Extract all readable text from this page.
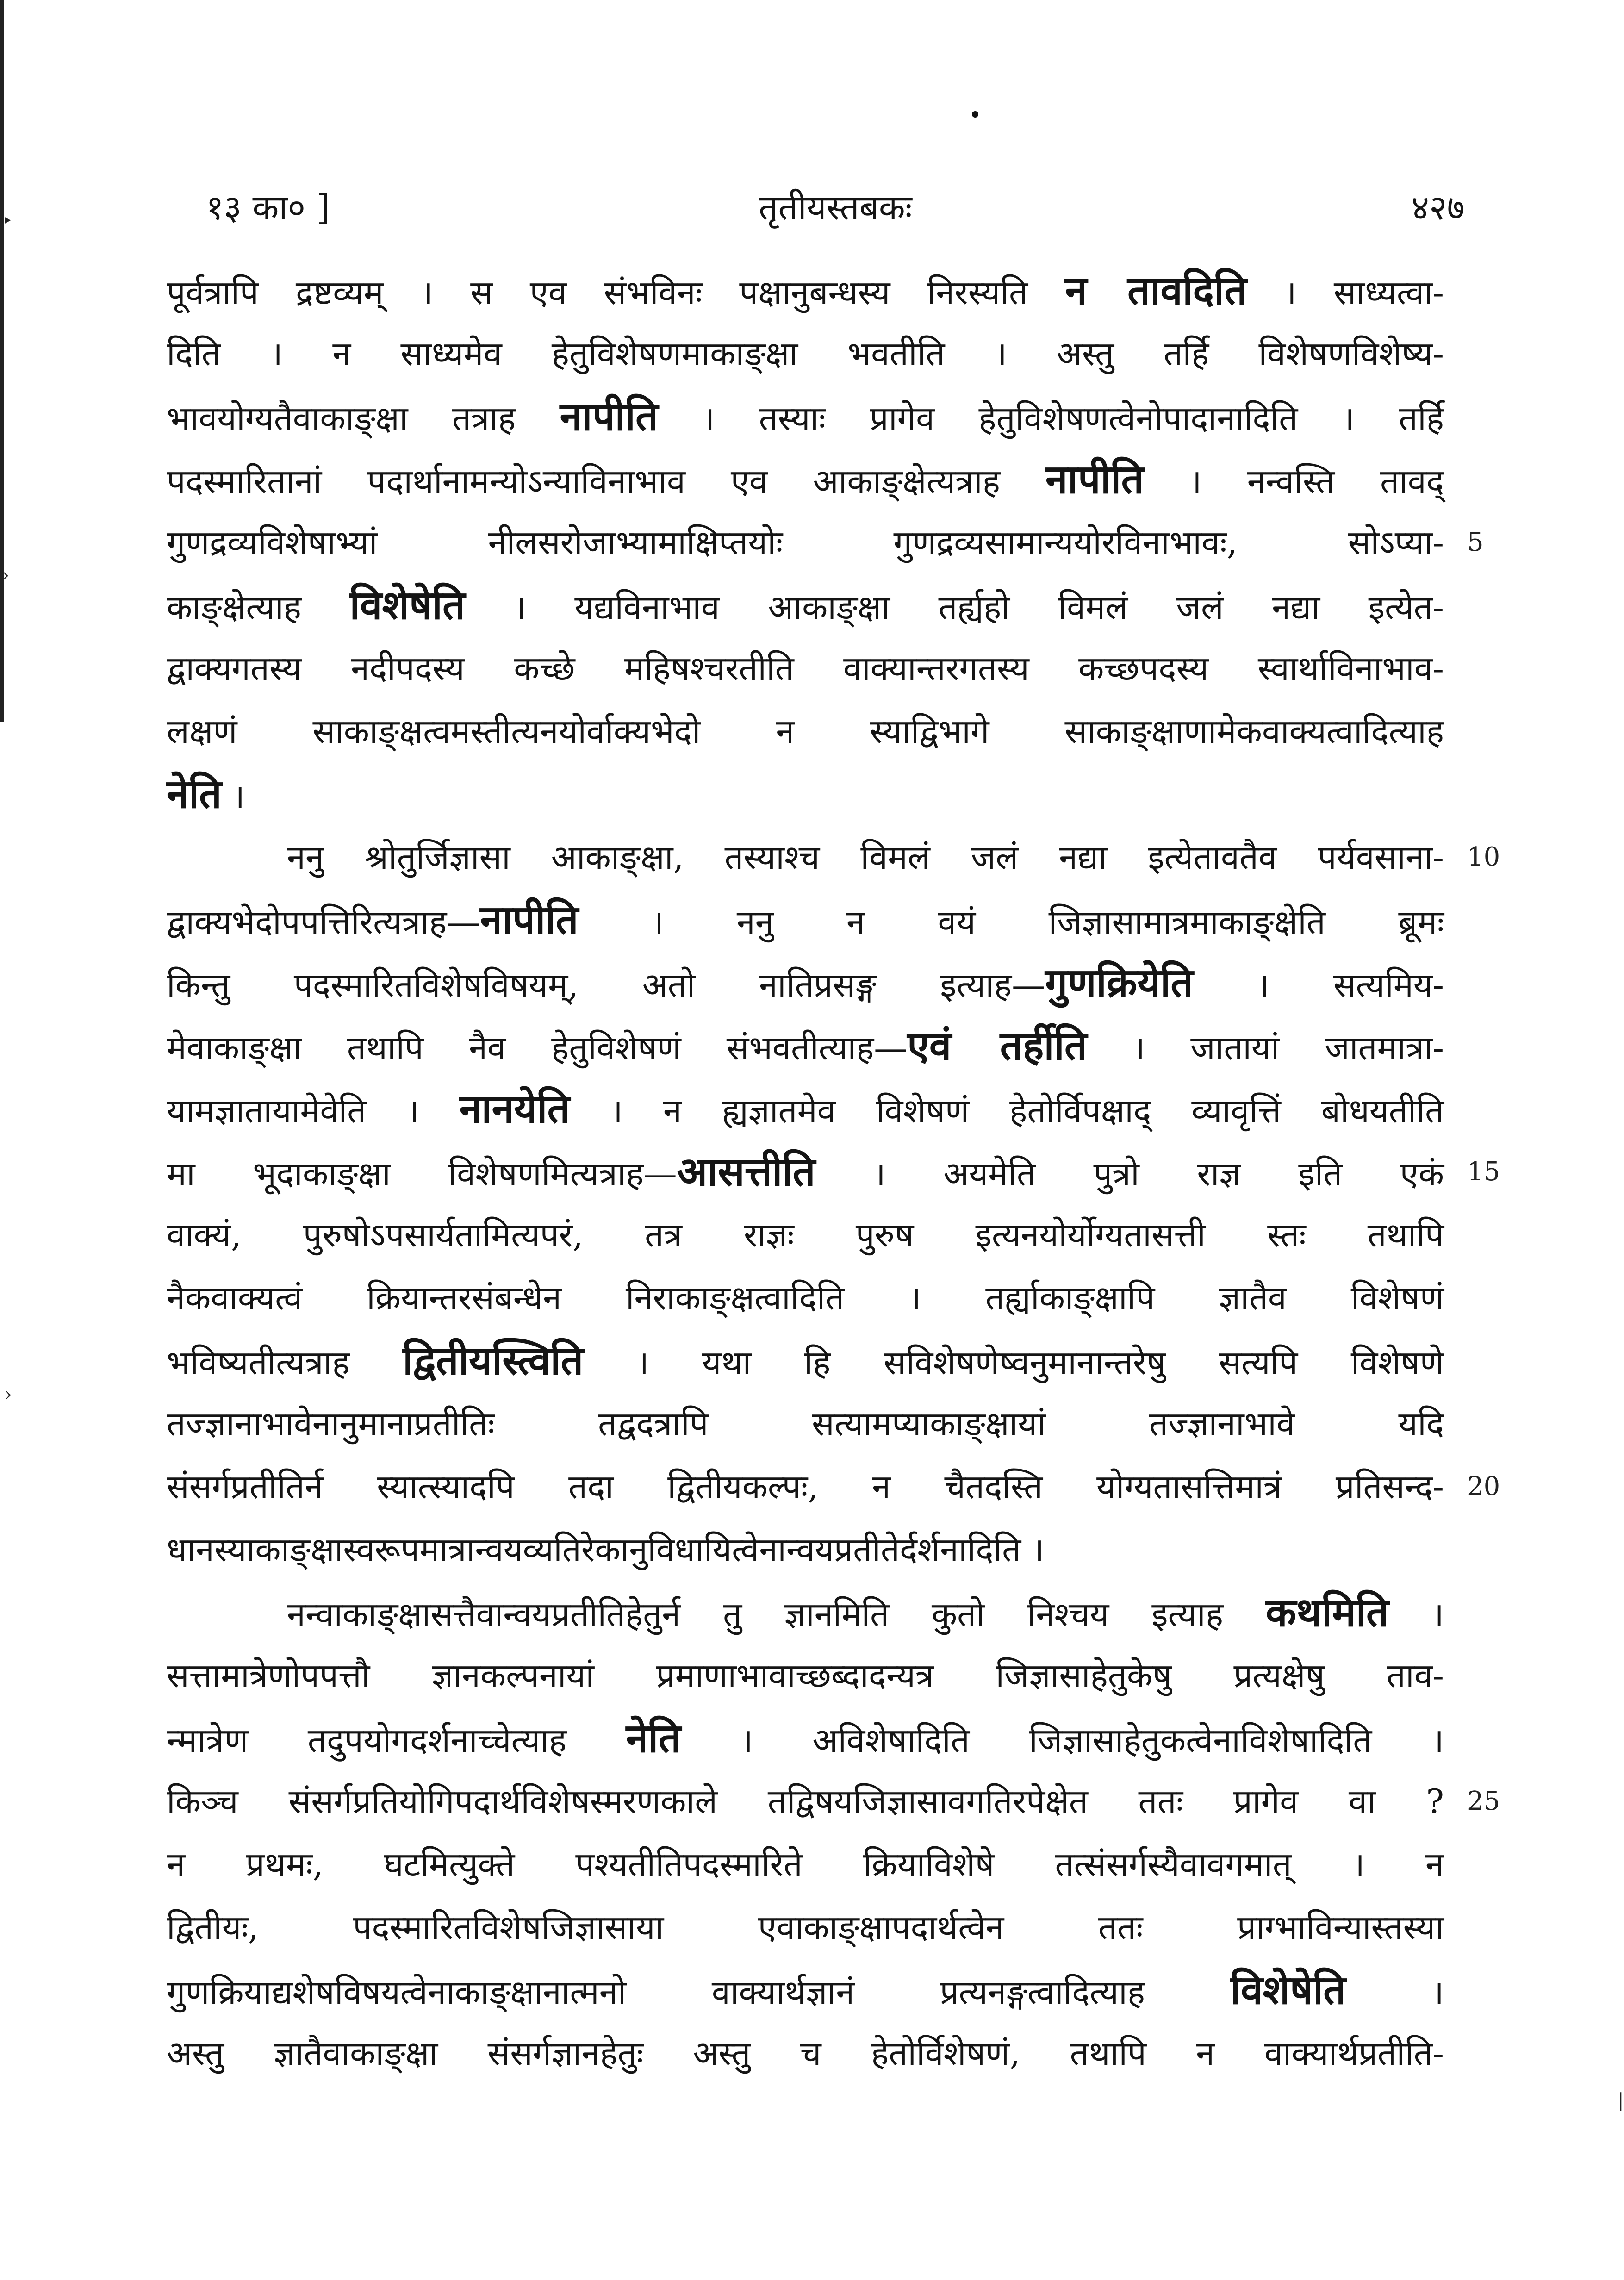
‣
›
›
|
१३ का० ]	तृतीयस्तबकः	४२७
पूर्वत्रापि द्रष्टव्यम् । स एव संभविनः पक्षानुबन्धस्य निरस्यति न तावदिति । साध्यत्वा-
दिति । न साध्यमेव हेतुविशेषणमाकाङ्क्षा भवतीति । अस्तु तर्हि विशेषणविशेष्य-
भावयोग्यतैवाकाङ्क्षा तत्राह नापीति । तस्याः प्रागेव हेतुविशेषणत्वेनोपादानादिति । तर्हि
पदस्मारितानां पदार्थानामन्योऽन्याविनाभाव एव आकाङ्क्षेत्यत्राह नापीति । नन्वस्ति तावद्
गुणद्रव्यविशेषाभ्यां नीलसरोजाभ्यामाक्षिप्तयोः गुणद्रव्यसामान्ययोरविनाभावः, सोऽप्या- 5
काङ्क्षेत्याह विशेषेति । यद्यविनाभाव आकाङ्क्षा तर्ह्यहो विमलं जलं नद्या इत्येत-
द्वाक्यगतस्य नदीपदस्य कच्छे महिषश्चरतीति वाक्यान्तरगतस्य कच्छपदस्य स्वार्थाविनाभाव-
लक्षणं साकाङ्क्षत्वमस्तीत्यनयोर्वाक्यभेदो न स्याद्विभागे साकाङ्क्षाणामेकवाक्यत्वादित्याह
नेति ।
ननु श्रोतुर्जिज्ञासा आकाङ्क्षा, तस्याश्च विमलं जलं नद्या इत्येतावतैव पर्यवसाना- 10
द्वाक्यभेदोपपत्तिरित्यत्राह—नापीति । ननु न वयं जिज्ञासामात्रमाकाङ्क्षेति ब्रूमः
किन्तु पदस्मारितविशेषविषयम्, अतो नातिप्रसङ्ग इत्याह—गुणक्रियेति । सत्यमिय-
मेवाकाङ्क्षा तथापि नैव हेतुविशेषणं संभवतीत्याह—एवं तर्हीति । जातायां जातमात्रा-
यामज्ञातायामेवेति । नानयेति । न ह्यज्ञातमेव विशेषणं हेतोर्विपक्षाद् व्यावृत्तिं बोधयतीति
मा भूदाकाङ्क्षा विशेषणमित्यत्राह—आसत्तीति । अयमेति पुत्रो राज्ञ इति एकं 15
वाक्यं, पुरुषोऽपसार्यतामित्यपरं, तत्र राज्ञः पुरुष इत्यनयोर्योग्यतासत्ती स्तः तथापि
नैकवाक्यत्वं क्रियान्तरसंबन्धेन निराकाङ्क्षत्वादिति । तर्ह्याकाङ्क्षापि ज्ञातैव विशेषणं
भविष्यतीत्यत्राह द्वितीयस्त्विति । यथा हि सविशेषणेष्वनुमानान्तरेषु सत्यपि विशेषणे
तज्ज्ञानाभावेनानुमानाप्रतीतिः तद्वदत्रापि सत्यामप्याकाङ्क्षायां तज्ज्ञानाभावे यदि
संसर्गप्रतीतिर्न स्यात्स्यादपि तदा द्वितीयकल्पः, न चैतदस्ति योग्यतासत्तिमात्रं प्रतिसन्द- 20
धानस्याकाङ्क्षास्वरूपमात्रान्वयव्यतिरेकानुविधायित्वेनान्वयप्रतीतेर्दर्शनादिति ।
नन्वाकाङ्क्षासत्तैवान्वयप्रतीतिहेतुर्न तु ज्ञानमिति कुतो निश्चय इत्याह कथमिति ।
सत्तामात्रेणोपपत्तौ ज्ञानकल्पनायां प्रमाणाभावाच्छब्दादन्यत्र जिज्ञासाहेतुकेषु प्रत्यक्षेषु ताव-
न्मात्रेण तदुपयोगदर्शनाच्चेत्याह नेति । अविशेषादिति जिज्ञासाहेतुकत्वेनाविशेषादिति ।
किञ्च संसर्गप्रतियोगिपदार्थविशेषस्मरणकाले तद्विषयजिज्ञासावगतिरपेक्षेत ततः प्रागेव वा ? 25
न प्रथमः, घटमित्युक्ते पश्यतीतिपदस्मारिते क्रियाविशेषे तत्संसर्गस्यैवावगमात् । न
द्वितीयः, पदस्मारितविशेषजिज्ञासाया एवाकाङ्क्षापदार्थत्वेन ततः प्राग्भाविन्यास्तस्या
गुणक्रियाद्यशेषविषयत्वेनाकाङ्क्षानात्मनो वाक्यार्थज्ञानं प्रत्यनङ्गत्वादित्याह विशेषेति ।
अस्तु ज्ञातैवाकाङ्क्षा संसर्गज्ञानहेतुः अस्तु च हेतोर्विशेषणं, तथापि न वाक्यार्थप्रतीति-
